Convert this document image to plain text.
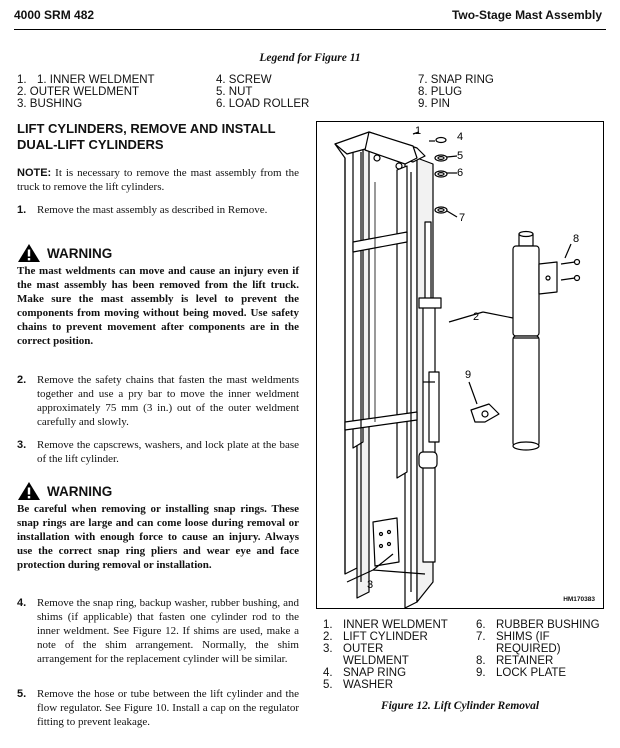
4000 SRM 482	Two-Stage Mast Assembly
Legend for Figure 11
1. 1. INNER WELDMENT
2. OUTER WELDMENT
3. BUSHING
4. SCREW
5. NUT
6. LOAD ROLLER
7. SNAP RING
8. PLUG
9. PIN
LIFT CYLINDERS, REMOVE AND INSTALL
DUAL-LIFT CYLINDERS
NOTE: It is necessary to remove the mast assembly from the truck to remove the lift cylinders.
1. Remove the mast assembly as described in Remove.
WARNING
The mast weldments can move and cause an injury even if the mast assembly has been removed from the lift truck. Make sure the mast assembly is level to prevent the components from moving without being moved. Use safety chains to prevent movement after components are in the correct position.
2. Remove the safety chains that fasten the mast weldments together and use a pry bar to move the inner weldment approximately 75 mm (3 in.) out of the outer weldment carefully and slowly.
3. Remove the capscrews, washers, and lock plate at the base of the lift cylinder.
WARNING
Be careful when removing or installing snap rings. These snap rings are large and can come loose during removal or installation with enough force to cause an injury. Always use the correct snap ring pliers and wear eye and face protection during removal or installation.
4. Remove the snap ring, backup washer, rubber bushing, and shims (if applicable) that fasten one cylinder rod to the inner weldment. See Figure 12. If shims are used, make a note of the shim arrangement. Normally, the shim arrangement for the replacement cylinder will be similar.
5. Remove the hose or tube between the lift cylinder and the flow regulator. See Figure 10. Install a cap on the regulator fitting to prevent leakage.
1
2
3
4
5
6
7
8
9
HM170383
1. INNER WELDMENT
2. LIFT CYLINDER
3. OUTER
WELDMENT
4. SNAP RING
5. WASHER
6. RUBBER BUSHING
7. SHIMS (IF
REQUIRED)
8. RETAINER
9. LOCK PLATE
Figure 12. Lift Cylinder Removal
